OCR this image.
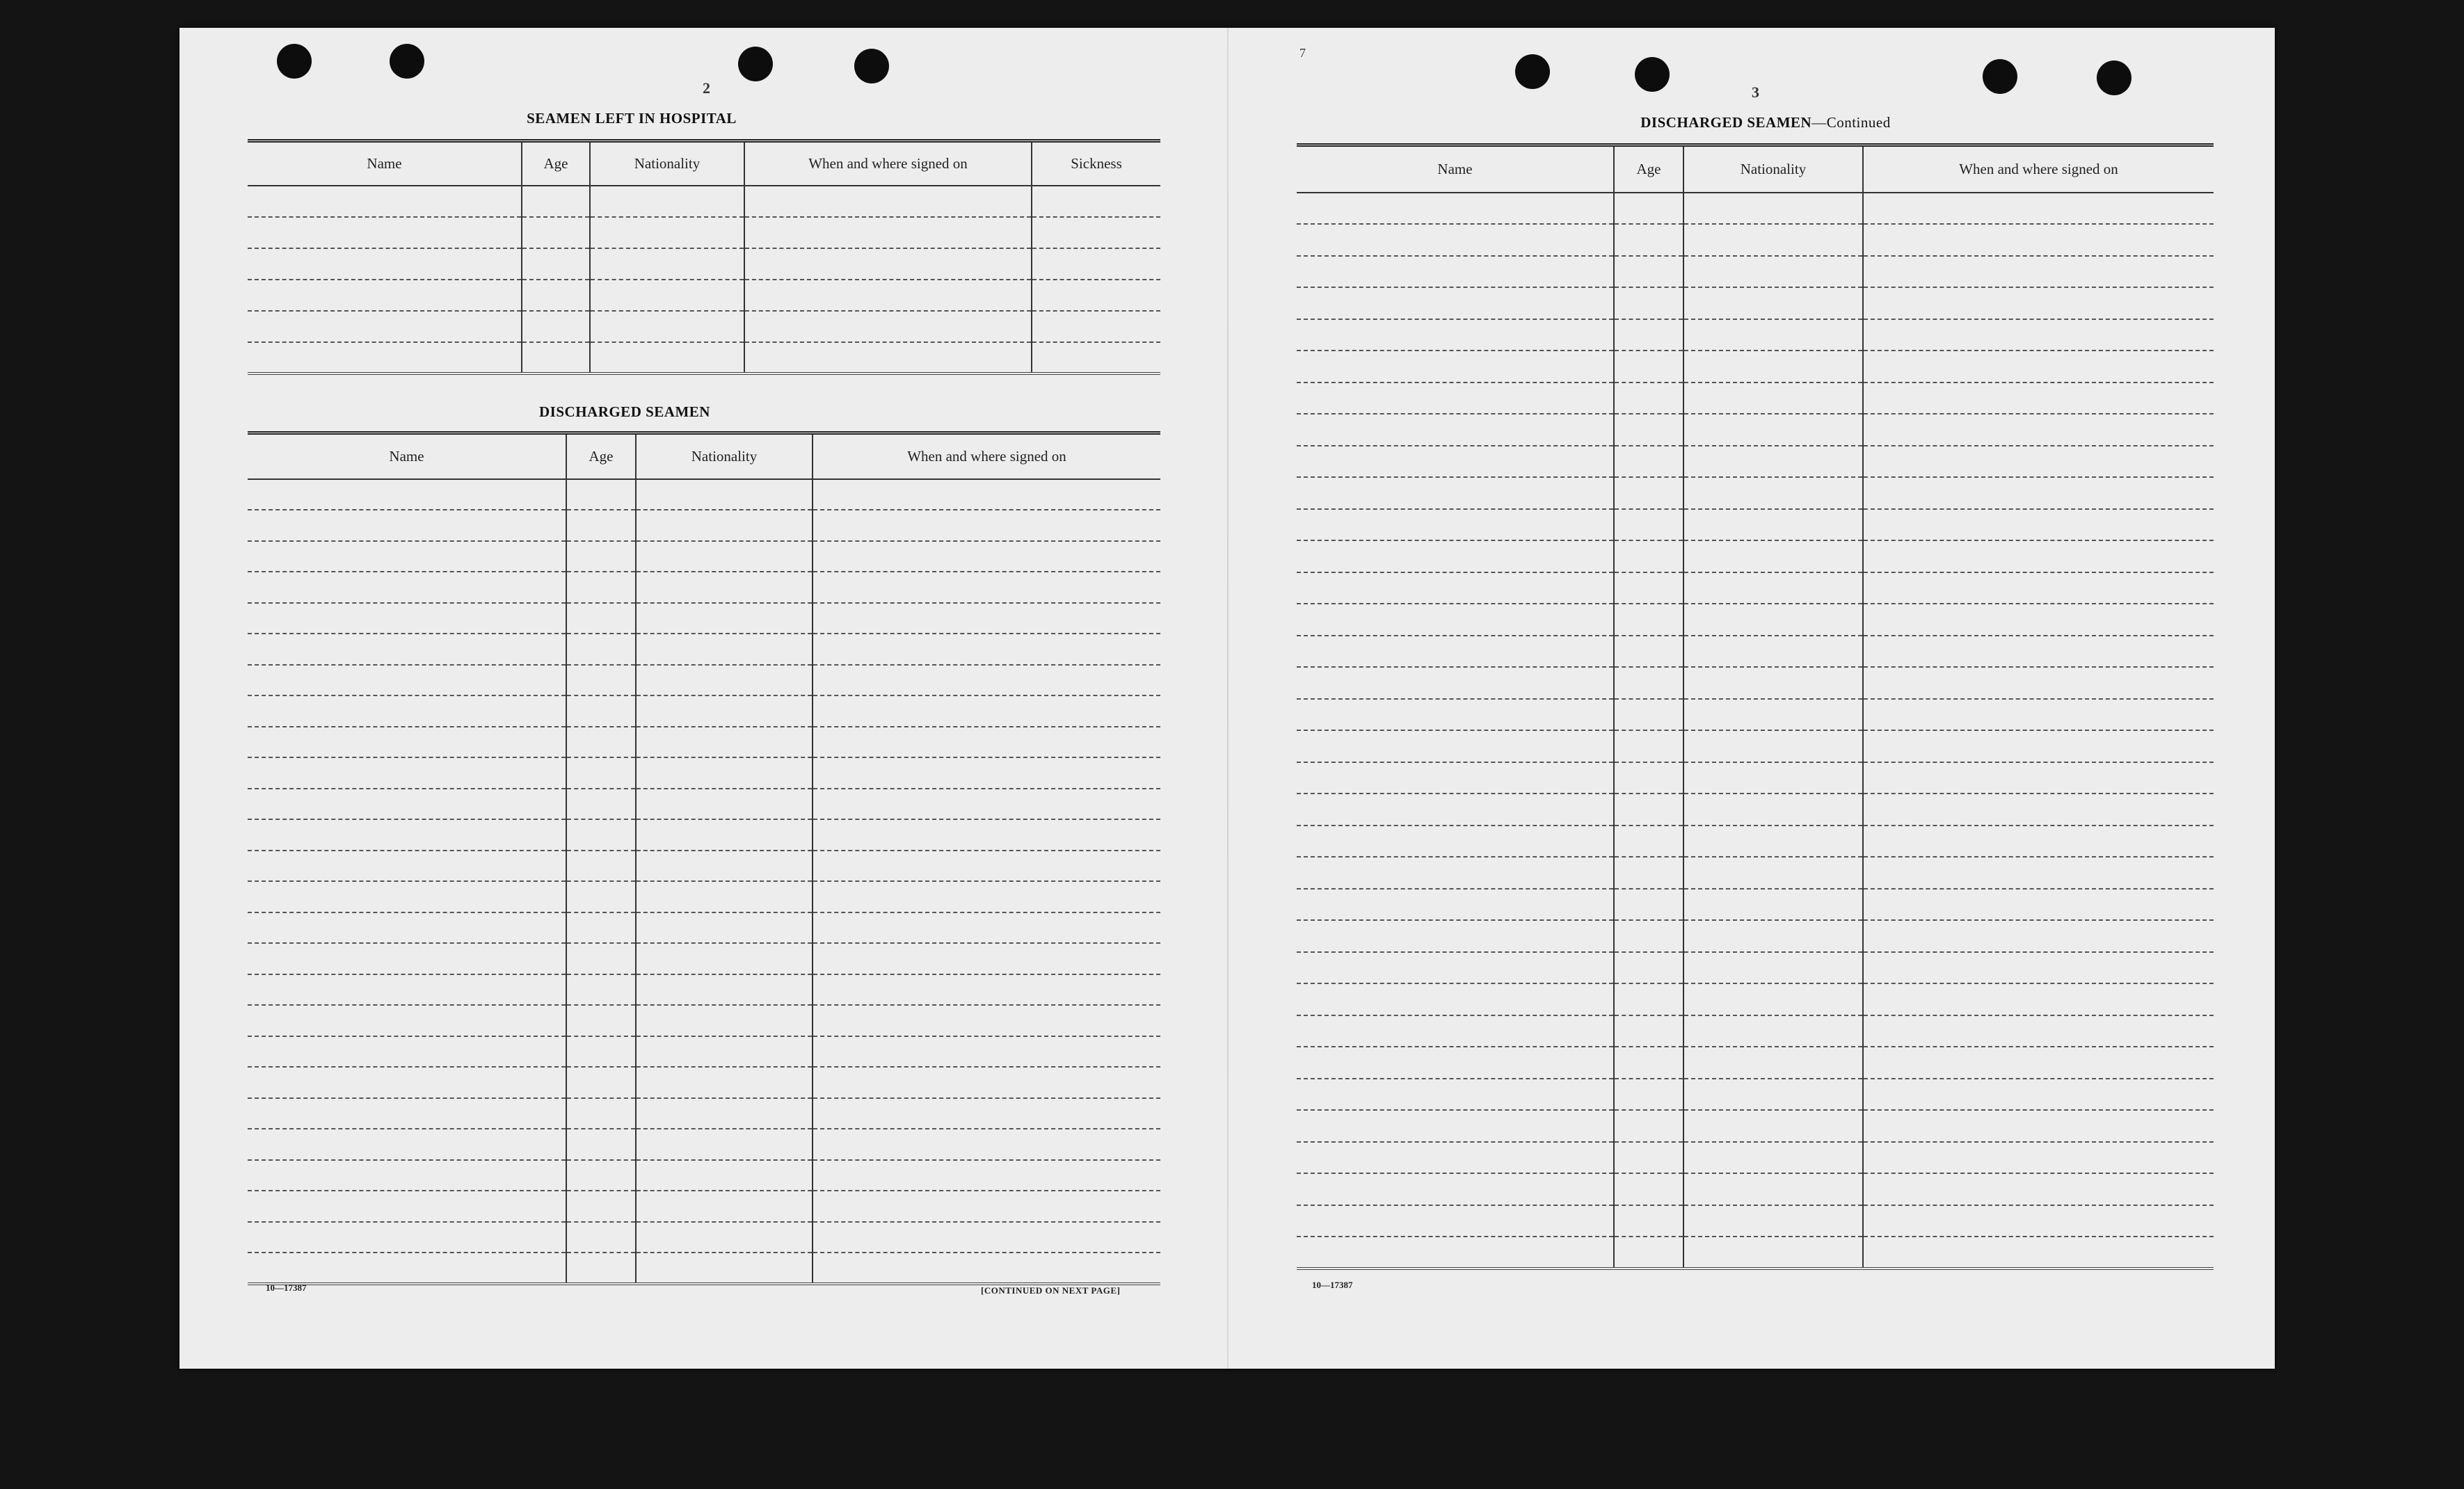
2
SEAMEN LEFT IN HOSPITAL
Name	Age	Nationality	When and where signed on	Sickness

DISCHARGED SEAMEN
Name	Age	Nationality	When and where signed on

10—17387	[CONTINUED ON NEXT PAGE]
7
3
DISCHARGED SEAMEN—Continued
Name	Age	Nationality	When and where signed on

10—17387
